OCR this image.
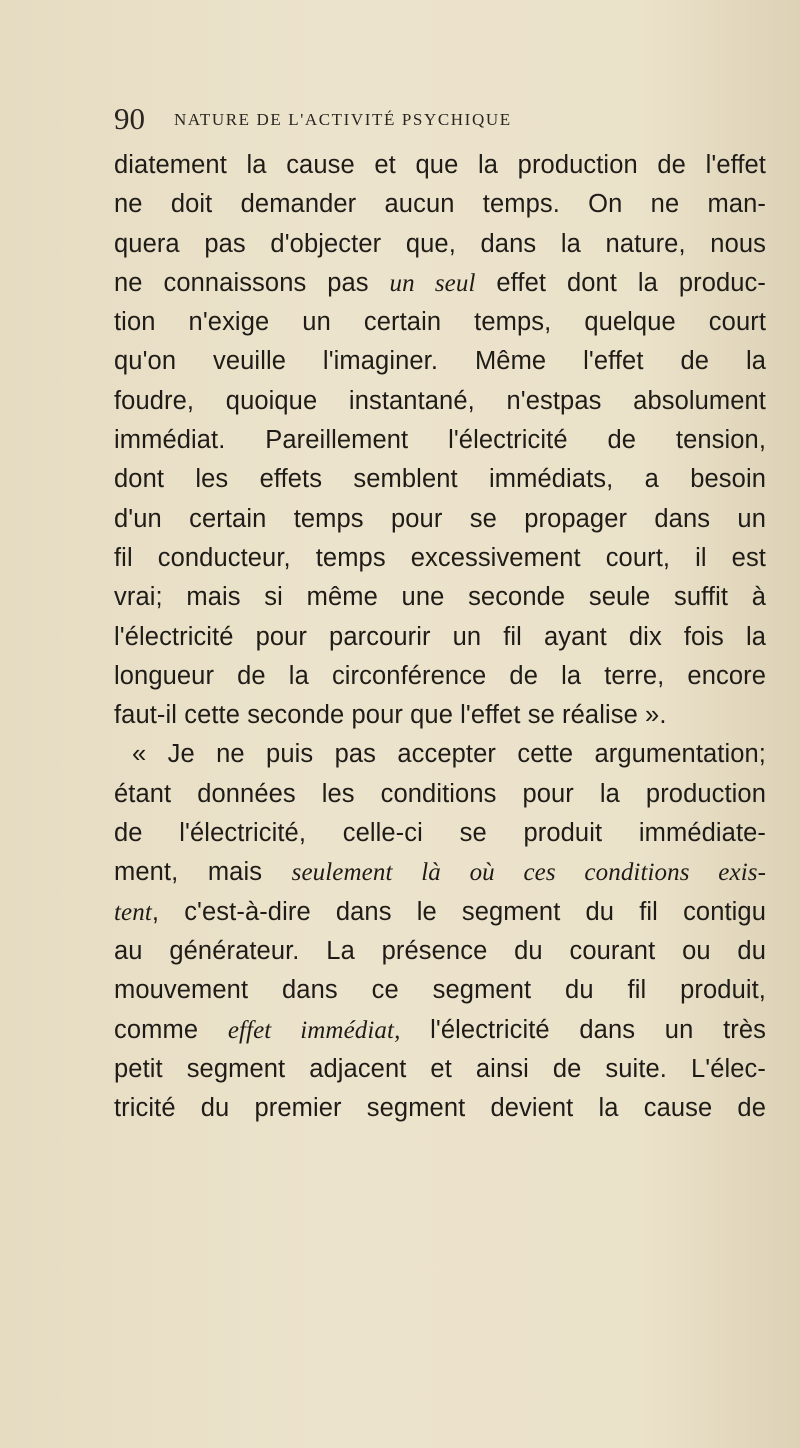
90 NATURE DE L'ACTIVITÉ PSYCHIQUE
diatement la cause et que la production de l'effet
ne doit demander aucun temps. On ne man-
quera pas d'objecter que, dans la nature, nous
ne connaissons pas un seul effet dont la produc-
tion n'exige un certain temps, quelque court
qu'on veuille l'imaginer. Même l'effet de la
foudre, quoique instantané, n'estpas absolument
immédiat. Pareillement l'électricité de tension,
dont les effets semblent immédiats, a besoin
d'un certain temps pour se propager dans un
fil conducteur, temps excessivement court, il est
vrai; mais si même une seconde seule suffit à
l'électricité pour parcourir un fil ayant dix fois la
longueur de la circonférence de la terre, encore
faut-il cette seconde pour que l'effet se réalise ».
« Je ne puis pas accepter cette argumentation;
étant données les conditions pour la production
de l'électricité, celle-ci se produit immédiate-
ment, mais seulement là où ces conditions exis-
tent, c'est-à-dire dans le segment du fil contigu
au générateur. La présence du courant ou du
mouvement dans ce segment du fil produit,
comme effet immédiat, l'électricité dans un très
petit segment adjacent et ainsi de suite. L'élec-
tricité du premier segment devient la cause de
